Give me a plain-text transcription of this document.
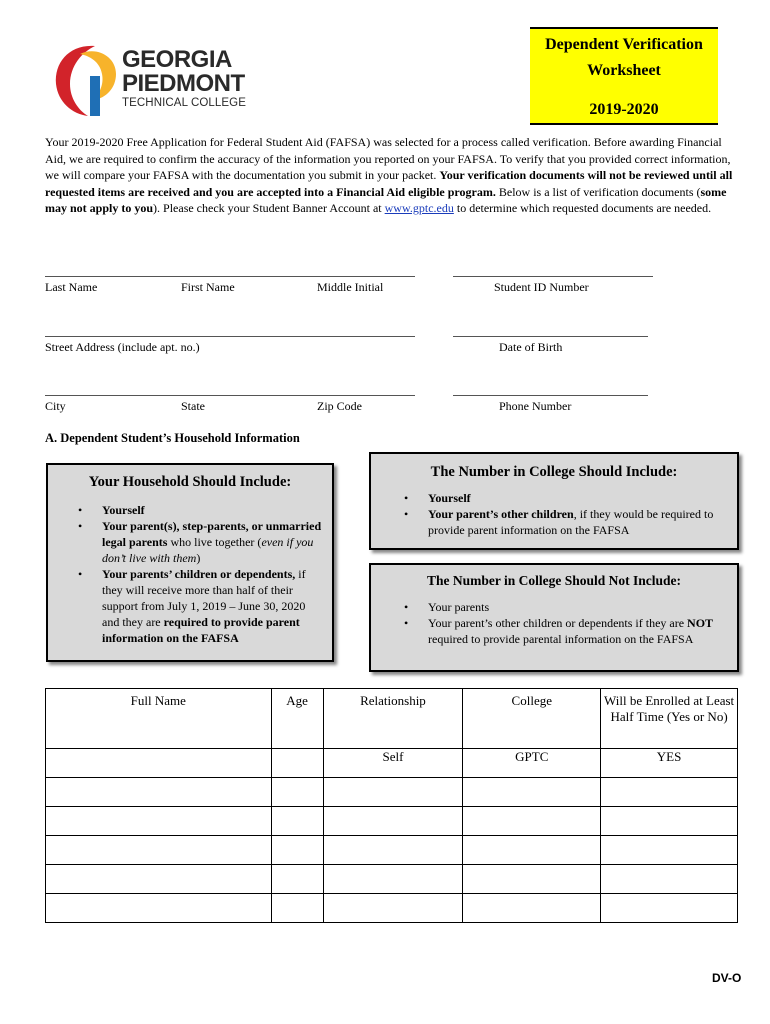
GEORGIA
PIEDMONT
TECHNICAL COLLEGE
Dependent Verification
Worksheet
2019-2020
Your 2019-2020 Free Application for Federal Student Aid (FAFSA) was selected for a process called verification. Before awarding Financial Aid, we are required to confirm the accuracy of the information you reported on your FAFSA. To verify that you provided correct information, we will compare your FAFSA with the documentation you submit in your packet. Your verification documents will not be reviewed until all requested items are received and you are accepted into a Financial Aid eligible program. Below is a list of verification documents (some may not apply to you). Please check your Student Banner Account at www.gptc.edu to determine which requested documents are needed.
Last Name	First Name	Middle Initial	Student ID Number
Street Address (include apt. no.)	Date of Birth
City	State	Zip Code	Phone Number
A. Dependent Student’s Household Information
Your Household Should Include:
• Yourself
• Your parent(s), step-parents, or unmarried legal parents who live together (even if you don’t live with them)
• Your parents’ children or dependents, if they will receive more than half of their support from July 1, 2019 – June 30, 2020 and they are required to provide parent information on the FAFSA
The Number in College Should Include:
• Yourself
• Your parent’s other children, if they would be required to provide parent information on the FAFSA
The Number in College Should Not Include:
• Your parents
• Your parent’s other children or dependents if they are NOT required to provide parental information on the FAFSA
Full Name	Age	Relationship	College	Will be Enrolled at Least Half Time (Yes or No)
		Self	GPTC	YES

DV-O
